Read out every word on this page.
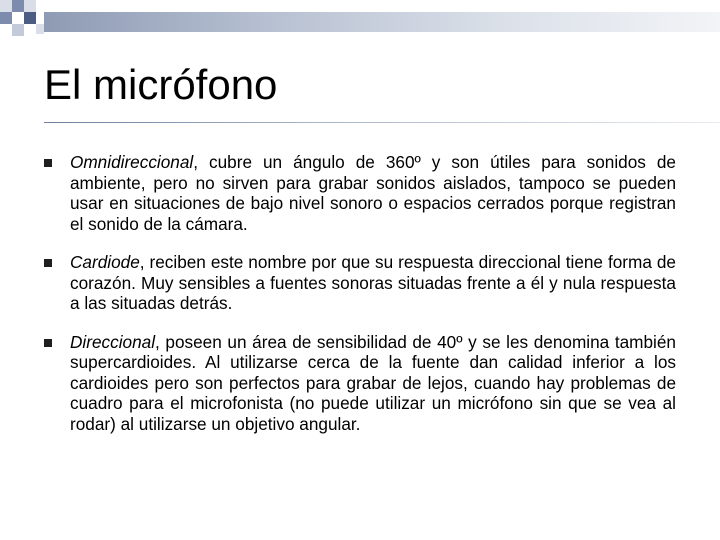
El micrófono
Omnidireccional, cubre un ángulo de 360º y son útiles para sonidos de ambiente, pero no sirven para grabar sonidos aislados, tampoco se pueden usar en situaciones de bajo nivel sonoro o espacios cerrados porque registran el sonido de la cámara.
Cardiode, reciben este nombre por que su respuesta direccional tiene forma de corazón. Muy sensibles a fuentes sonoras situadas frente a él y nula respuesta a las situadas detrás.
Direccional, poseen un área de sensibilidad de 40º y se les denomina también supercardioides. Al utilizarse cerca de la fuente dan calidad inferior a los cardioides pero son perfectos para grabar de lejos, cuando hay problemas de cuadro para el microfonista (no puede utilizar un micrófono sin que se vea al rodar) al utilizarse un objetivo angular.
